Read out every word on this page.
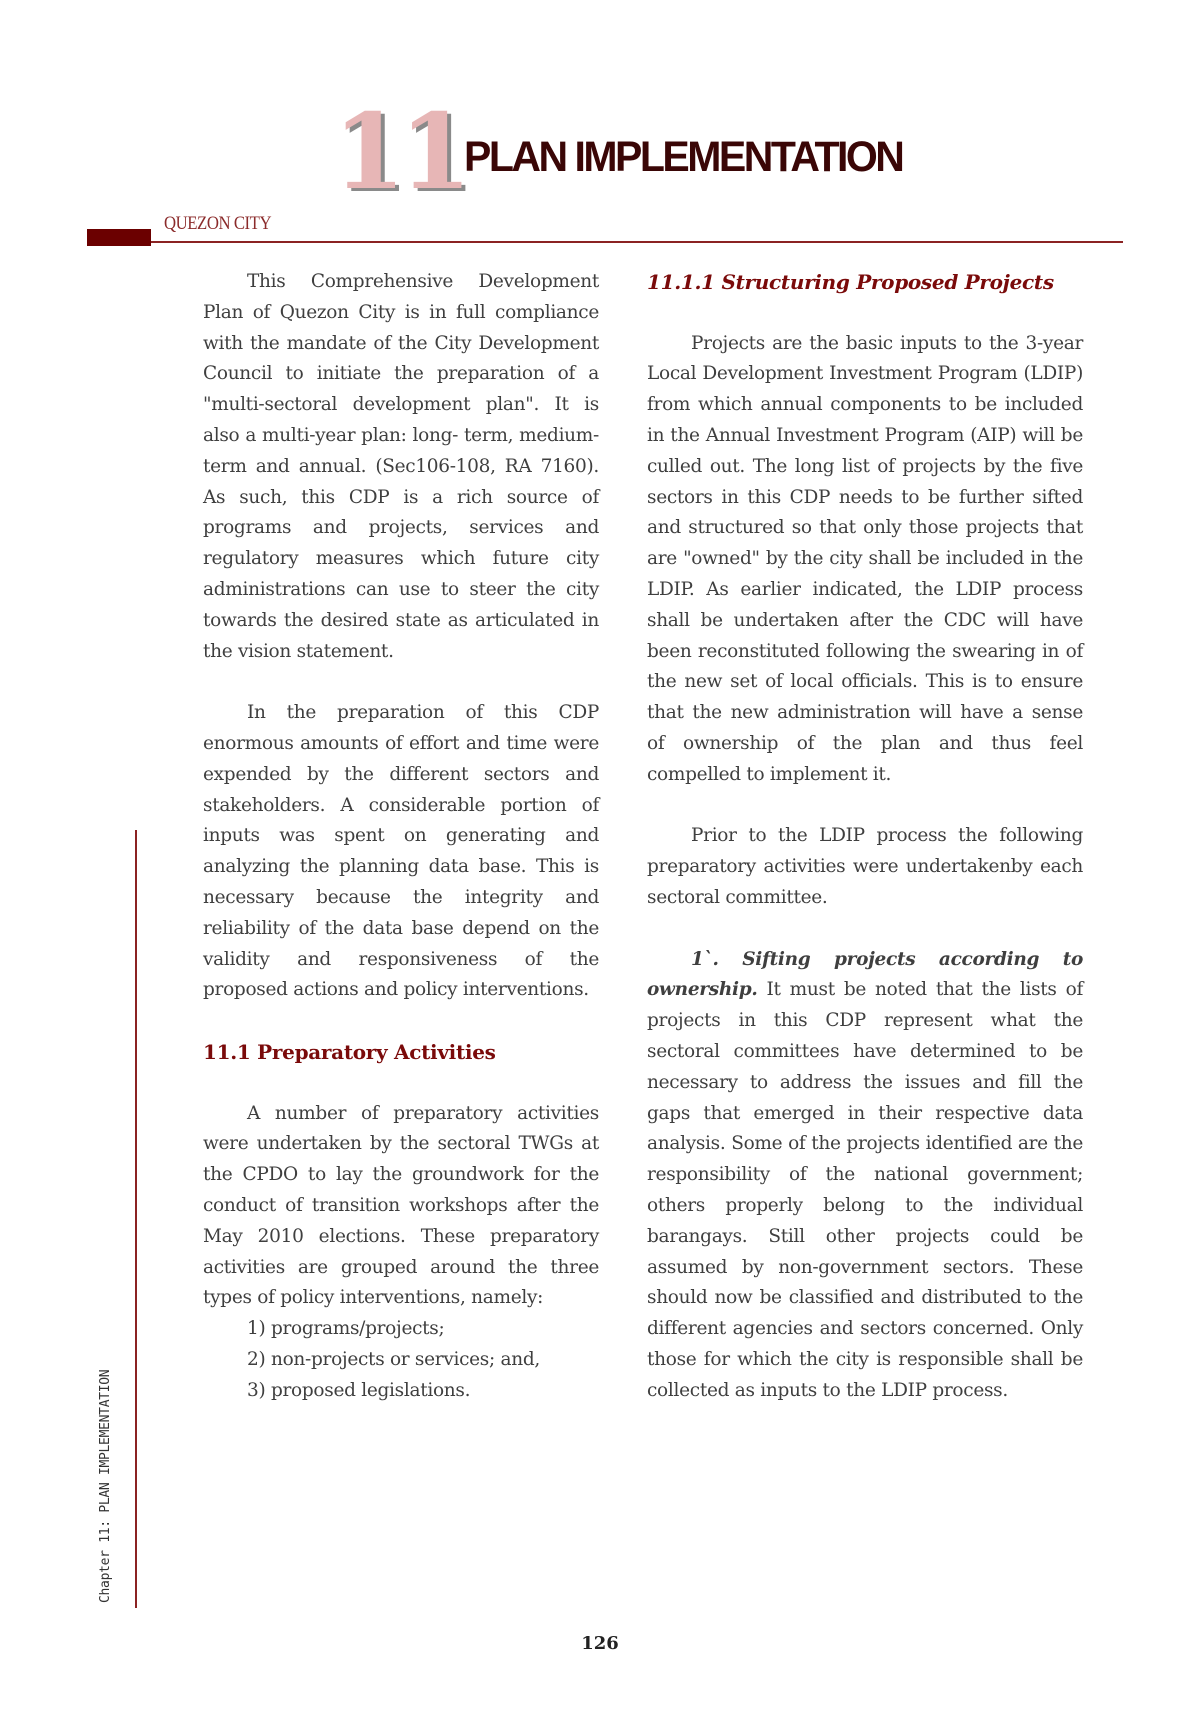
11
PLAN IMPLEMENTATION
QUEZON CITY
Chapter 11: PLAN IMPLEMENTATION

This Comprehensive Development Plan of Quezon City is in full compliance with the mandate of the City Development Council to initiate the preparation of a "multi-sectoral development plan". It is also a multi-year plan: long- term, medium-term and annual. (Sec106-108, RA 7160). As such, this CDP is a rich source of programs and projects, services and regulatory measures which future city administrations can use to steer the city towards the desired state as articulated in the vision statement.

In the preparation of this CDP enormous amounts of effort and time were expended by the different sectors and stakeholders. A considerable portion of inputs was spent on generating and analyzing the planning data base. This is necessary because the integrity and reliability of the data base depend on the validity and responsiveness of the proposed actions and policy interventions.

11.1 Preparatory Activities

A number of preparatory activities were undertaken by the sectoral TWGs at the CPDO to lay the groundwork for the conduct of transition workshops after the May 2010 elections. These preparatory activities are grouped around the three types of policy interventions, namely:

1) programs/projects;

2) non-projects or services; and,

3) proposed legislations.

11.1.1 Structuring Proposed Projects

Projects are the basic inputs to the 3-year Local Development Investment Program (LDIP) from which annual components to be included in the Annual Investment Program (AIP) will be culled out. The long list of projects by the five sectors in this CDP needs to be further sifted and structured so that only those projects that are "owned" by the city shall be included in the LDIP. As earlier indicated, the LDIP process shall be undertaken after the CDC will have been reconstituted following the swearing in of the new set of local officials. This is to ensure that the new administration will have a sense of ownership of the plan and thus feel compelled to implement it.

Prior to the LDIP process the following preparatory activities were undertakenby each sectoral committee.

1`. Sifting projects according to ownership. It must be noted that the lists of projects in this CDP represent what the sectoral committees have determined to be necessary to address the issues and fill the gaps that emerged in their respective data analysis. Some of the projects identified are the responsibility of the national government; others properly belong to the individual barangays. Still other projects could be assumed by non-government sectors. These should now be classified and distributed to the different agencies and sectors concerned. Only those for which the city is responsible shall be collected as inputs to the LDIP process.

126
